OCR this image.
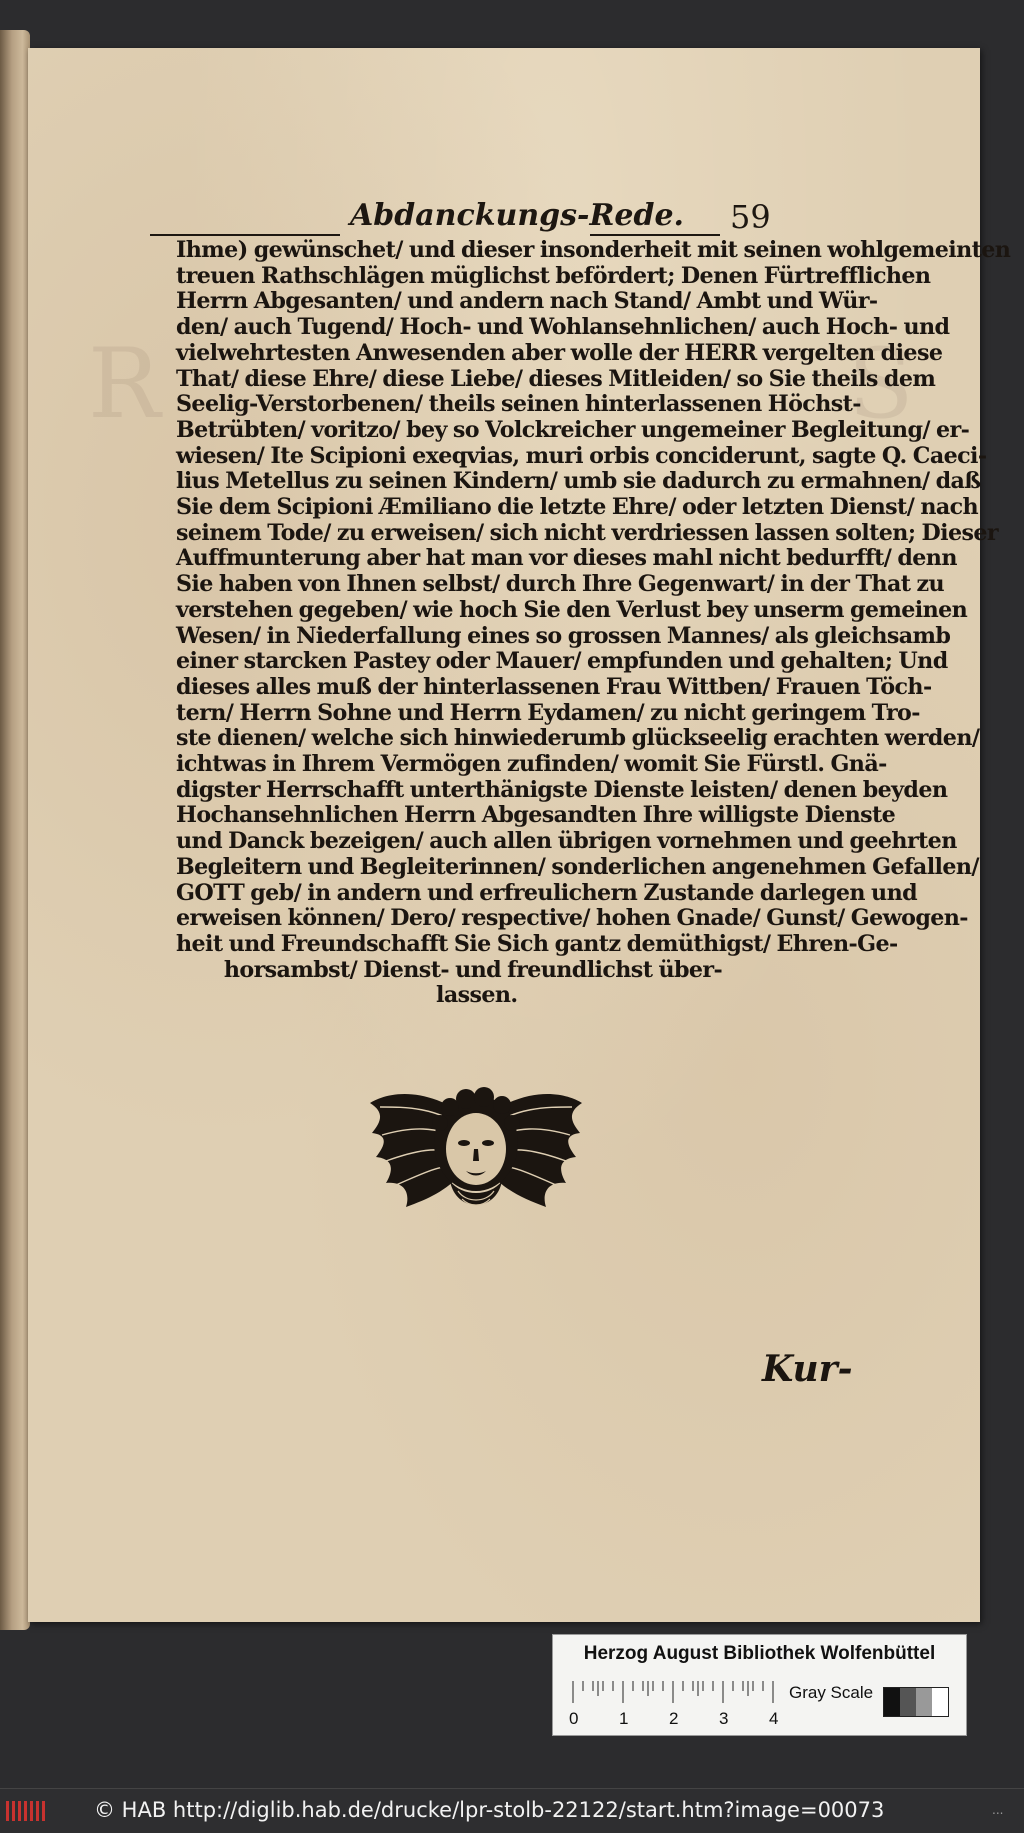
R	S
Abdanckungs-Rede. 59
Ihme) gewünschet/ und dieser insonderheit mit seinen wohlgemeinten
treuen Rathschlägen müglichst befördert; Denen Fürtrefflichen
Herrn Abgesanten/ und andern nach Stand/ Ambt und Wür-
den/ auch Tugend/ Hoch- und Wohlansehnlichen/ auch Hoch- und
vielwehrtesten Anwesenden aber wolle der HERR vergelten diese
That/ diese Ehre/ diese Liebe/ dieses Mitleiden/ so Sie theils dem
Seelig-Verstorbenen/ theils seinen hinterlassenen Höchst-
Betrübten/ voritzo/ bey so Volckreicher ungemeiner Begleitung/ er-
wiesen/ Ite Scipioni exeqvias, muri orbis conciderunt, sagte Q. Caeci-
lius Metellus zu seinen Kindern/ umb sie dadurch zu ermahnen/ daß
Sie dem Scipioni Æmiliano die letzte Ehre/ oder letzten Dienst/ nach
seinem Tode/ zu erweisen/ sich nicht verdriessen lassen solten; Dieser
Auffmunterung aber hat man vor dieses mahl nicht bedurfft/ denn
Sie haben von Ihnen selbst/ durch Ihre Gegenwart/ in der That zu
verstehen gegeben/ wie hoch Sie den Verlust bey unserm gemeinen
Wesen/ in Niederfallung eines so grossen Mannes/ als gleichsamb
einer starcken Pastey oder Mauer/ empfunden und gehalten; Und
dieses alles muß der hinterlassenen Frau Wittben/ Frauen Töch-
tern/ Herrn Sohne und Herrn Eydamen/ zu nicht geringem Tro-
ste dienen/ welche sich hinwiederumb glückseelig erachten werden/
ichtwas in Ihrem Vermögen zufinden/ womit Sie Fürstl. Gnä-
digster Herrschafft unterthänigste Dienste leisten/ denen beyden
Hochansehnlichen Herrn Abgesandten Ihre willigste Dienste
und Danck bezeigen/ auch allen übrigen vornehmen und geehrten
Begleitern und Begleiterinnen/ sonderlichen angenehmen Gefallen/
GOTT geb/ in andern und erfreulichern Zustande darlegen und
erweisen können/ Dero/ respective/ hohen Gnade/ Gunst/ Gewogen-
heit und Freundschafft Sie Sich gantz demüthigst/ Ehren-Ge-
horsambst/ Dienst- und freundlichst über-
lassen.
Kur-
Herzog August Bibliothek Wolfenbüttel
0 1 2 3 4
Gray Scale
© HAB http://diglib.hab.de/drucke/lpr-stolb-22122/start.htm?image=00073	...
